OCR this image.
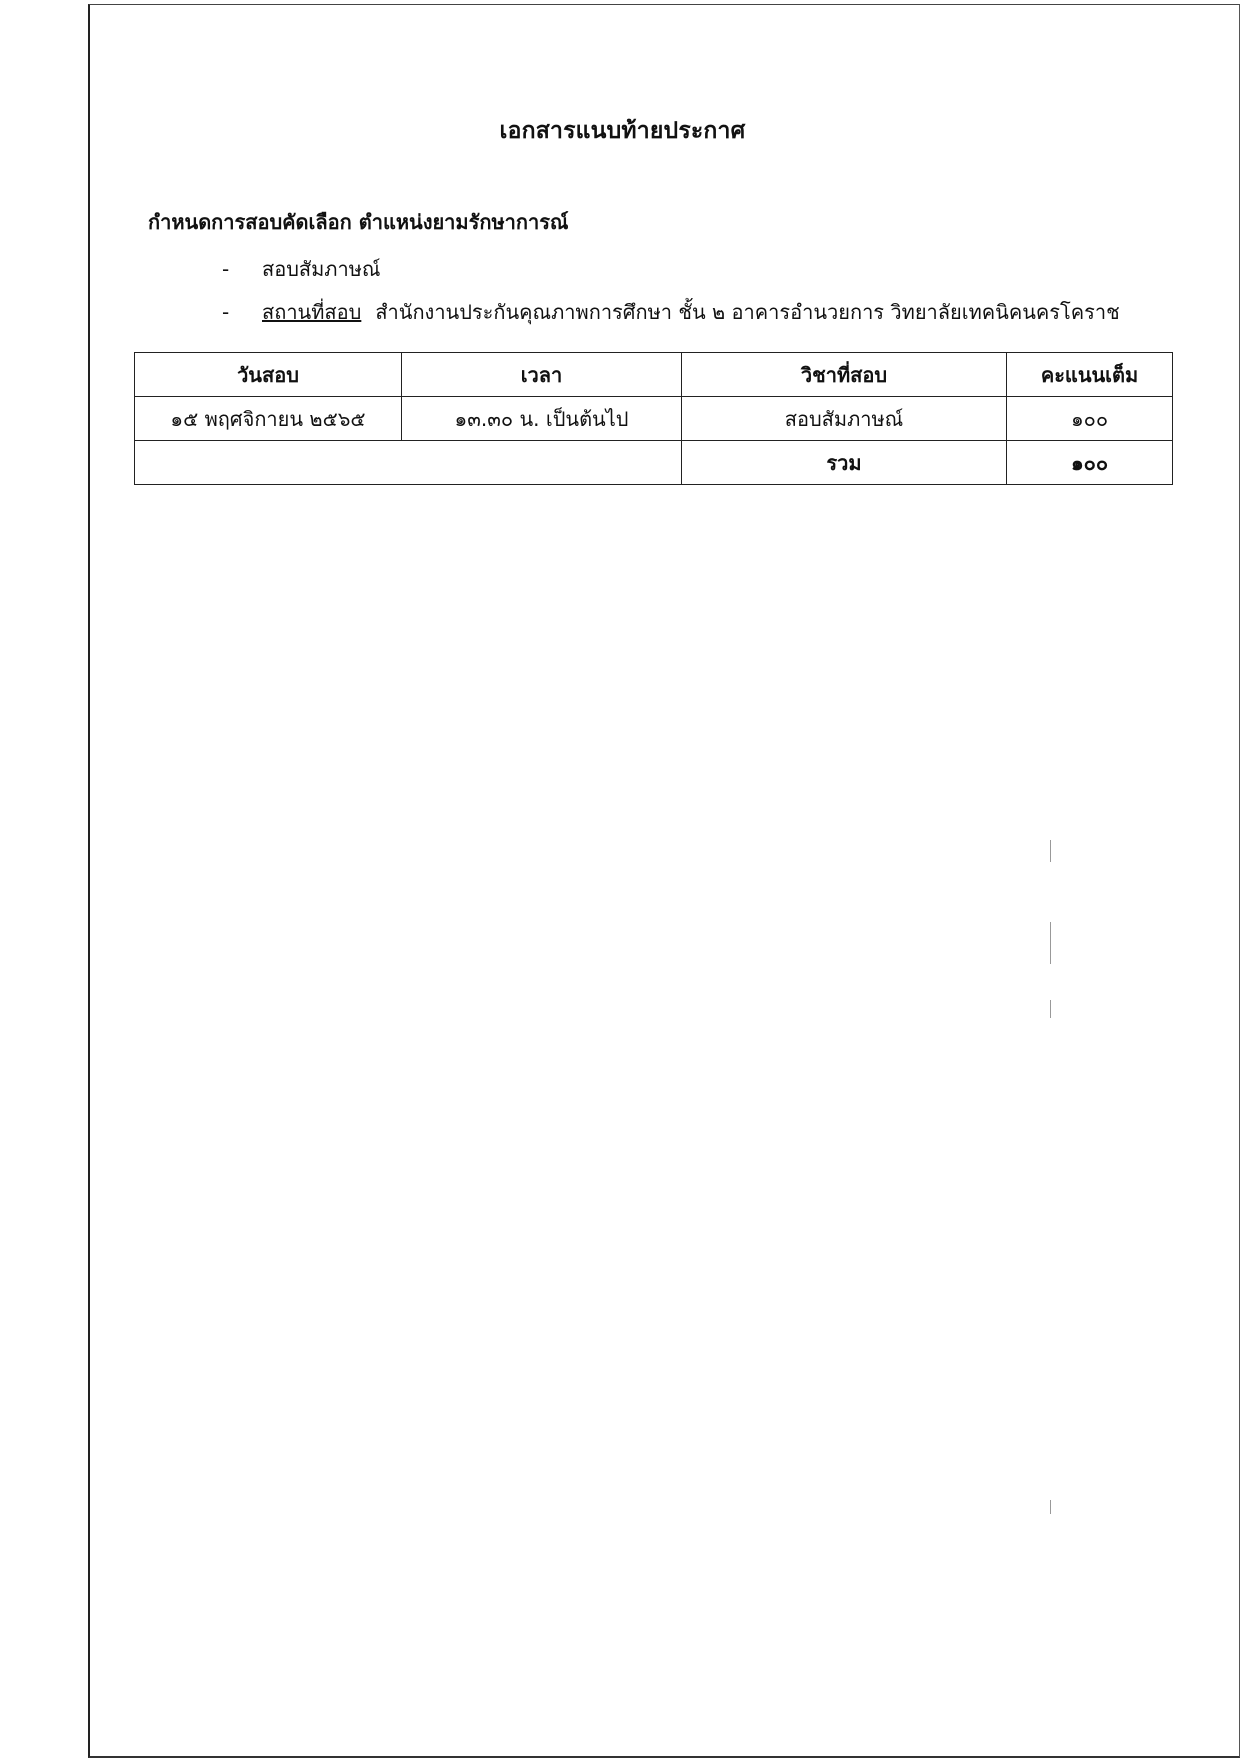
เอกสารแนบท้ายประกาศ
กำหนดการสอบคัดเลือก ตำแหน่งยามรักษาการณ์
- สอบสัมภาษณ์
- สถานที่สอบ สำนักงานประกันคุณภาพการศึกษา ชั้น ๒ อาคารอำนวยการ วิทยาลัยเทคนิคนครโคราช
วันสอบ	เวลา	วิชาที่สอบ	คะแนนเต็ม
๑๕ พฤศจิกายน ๒๕๖๕	๑๓.๓๐ น. เป็นต้นไป	สอบสัมภาษณ์	๑๐๐
		รวม	๑๐๐
